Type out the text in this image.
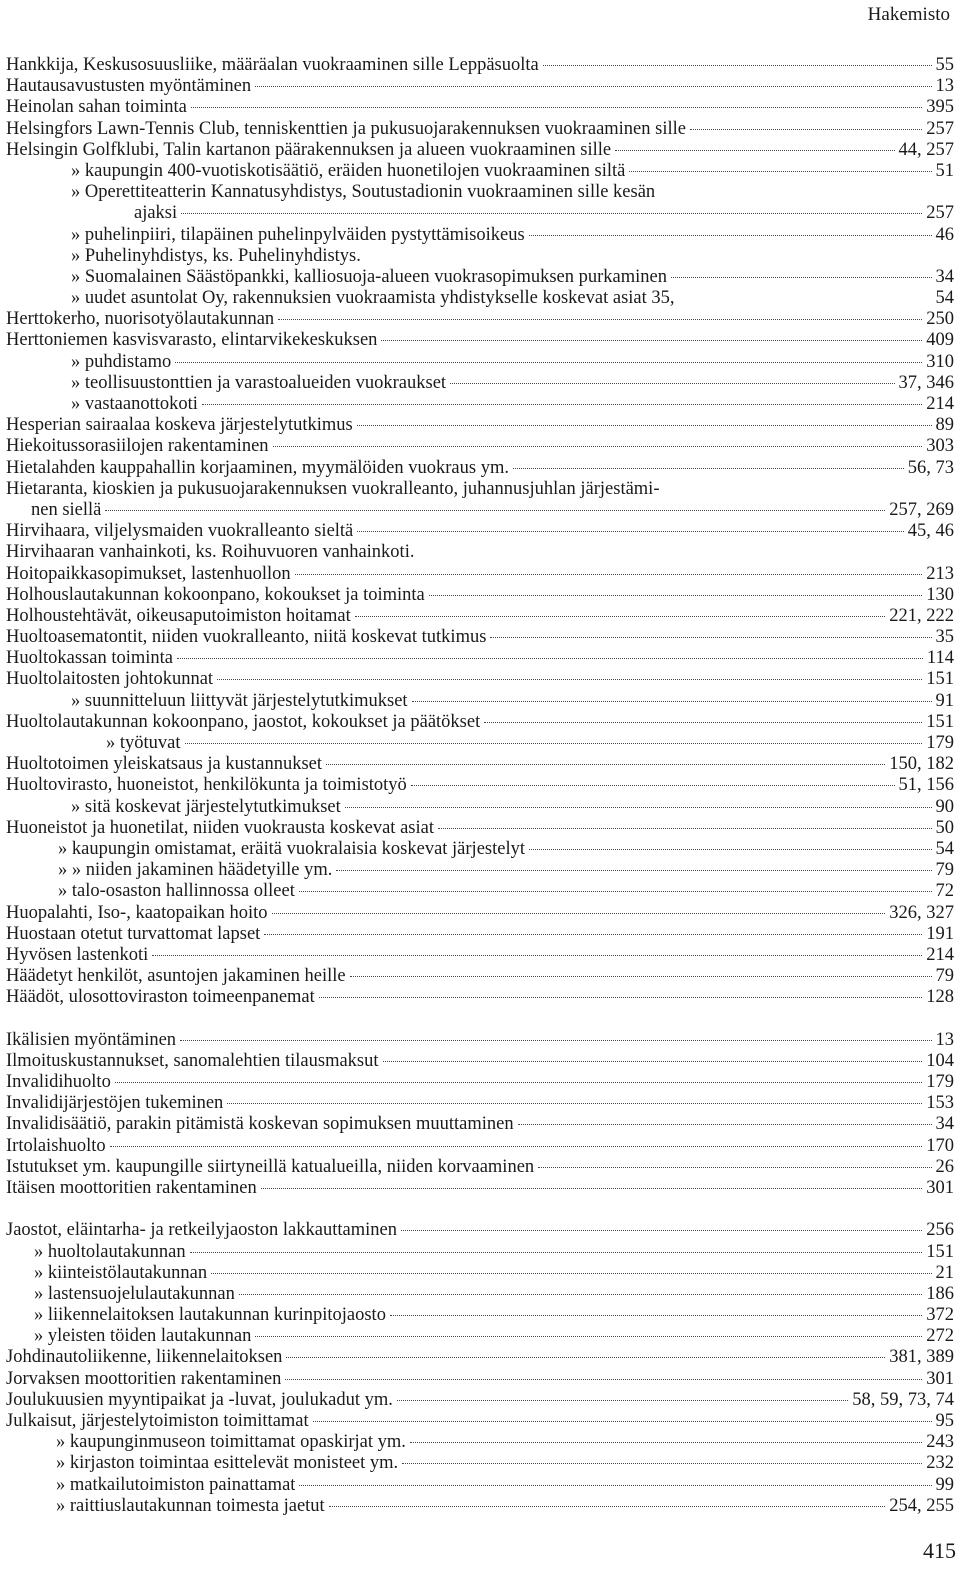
Hakemisto
Hankkija, Keskusosuusliike, määräalan vuokraaminen sille Leppäsuolta	55
Hautausavustusten myöntäminen	13
Heinolan sahan toiminta	395
Helsingfors Lawn-Tennis Club, tenniskenttien ja pukusuojarakennuksen vuokraaminen sille	257
Helsingin Golfklubi, Talin kartanon päärakennuksen ja alueen vuokraaminen sille	44, 257
» kaupungin 400-vuotiskotisäätiö, eräiden huonetilojen vuokraaminen siltä	51
» Operettiteatterin Kannatusyhdistys, Soutustadionin vuokraaminen sille kesän
ajaksi	257
» puhelinpiiri, tilapäinen puhelinpylväiden pystyttämisoikeus	46
» Puhelinyhdistys, ks. Puhelinyhdistys.
» Suomalainen Säästöpankki, kalliosuoja-alueen vuokrasopimuksen purkaminen	34
» uudet asuntolat Oy, rakennuksien vuokraamista yhdistykselle koskevat asiat 35,	54
Herttokerho, nuorisotyölautakunnan	250
Herttoniemen kasvisvarasto, elintarvikekeskuksen	409
» puhdistamo	310
» teollisuustonttien ja varastoalueiden vuokraukset	37, 346
» vastaanottokoti	214
Hesperian sairaalaa koskeva järjestelytutkimus	89
Hiekoitussorasiilojen rakentaminen	303
Hietalahden kauppahallin korjaaminen, myymälöiden vuokraus ym.	56, 73
Hietaranta, kioskien ja pukusuojarakennuksen vuokralleanto, juhannusjuhlan järjestämi-
nen siellä	257, 269
Hirvihaara, viljelysmaiden vuokralleanto sieltä	45, 46
Hirvihaaran vanhainkoti, ks. Roihuvuoren vanhainkoti.
Hoitopaikkasopimukset, lastenhuollon	213
Holhouslautakunnan kokoonpano, kokoukset ja toiminta	130
Holhoustehtävät, oikeusaputoimiston hoitamat	221, 222
Huoltoasematontit, niiden vuokralleanto, niitä koskevat tutkimus	35
Huoltokassan toiminta	114
Huoltolaitosten johtokunnat	151
» suunnitteluun liittyvät järjestelytutkimukset	91
Huoltolautakunnan kokoonpano, jaostot, kokoukset ja päätökset	151
» työtuvat	179
Huoltotoimen yleiskatsaus ja kustannukset	150, 182
Huoltovirasto, huoneistot, henkilökunta ja toimistotyö	51, 156
» sitä koskevat järjestelytutkimukset	90
Huoneistot ja huonetilat, niiden vuokrausta koskevat asiat	50
» kaupungin omistamat, eräitä vuokralaisia koskevat järjestelyt	54
» » niiden jakaminen häädetyille ym.	79
» talo-osaston hallinnossa olleet	72
Huopalahti, Iso-, kaatopaikan hoito	326, 327
Huostaan otetut turvattomat lapset	191
Hyvösen lastenkoti	214
Häädetyt henkilöt, asuntojen jakaminen heille	79
Häädöt, ulosottoviraston toimeenpanemat	128
Ikälisien myöntäminen	13
Ilmoituskustannukset, sanomalehtien tilausmaksut	104
Invalidihuolto	179
Invalidijärjestöjen tukeminen	153
Invalidisäätiö, parakin pitämistä koskevan sopimuksen muuttaminen	34
Irtolaishuolto	170
Istutukset ym. kaupungille siirtyneillä katualueilla, niiden korvaaminen	26
Itäisen moottoritien rakentaminen	301
Jaostot, eläintarha- ja retkeilyjaoston lakkauttaminen	256
» huoltolautakunnan	151
» kiinteistölautakunnan	21
» lastensuojelulautakunnan	186
» liikennelaitoksen lautakunnan kurinpitojaosto	372
» yleisten töiden lautakunnan	272
Johdinautoliikenne, liikennelaitoksen	381, 389
Jorvaksen moottoritien rakentaminen	301
Joulukuusien myyntipaikat ja -luvat, joulukadut ym.	58, 59, 73, 74
Julkaisut, järjestelytoimiston toimittamat	95
» kaupunginmuseon toimittamat opaskirjat ym.	243
» kirjaston toimintaa esittelevät monisteet ym.	232
» matkailutoimiston painattamat	99
» raittiuslautakunnan toimesta jaetut	254, 255
415
